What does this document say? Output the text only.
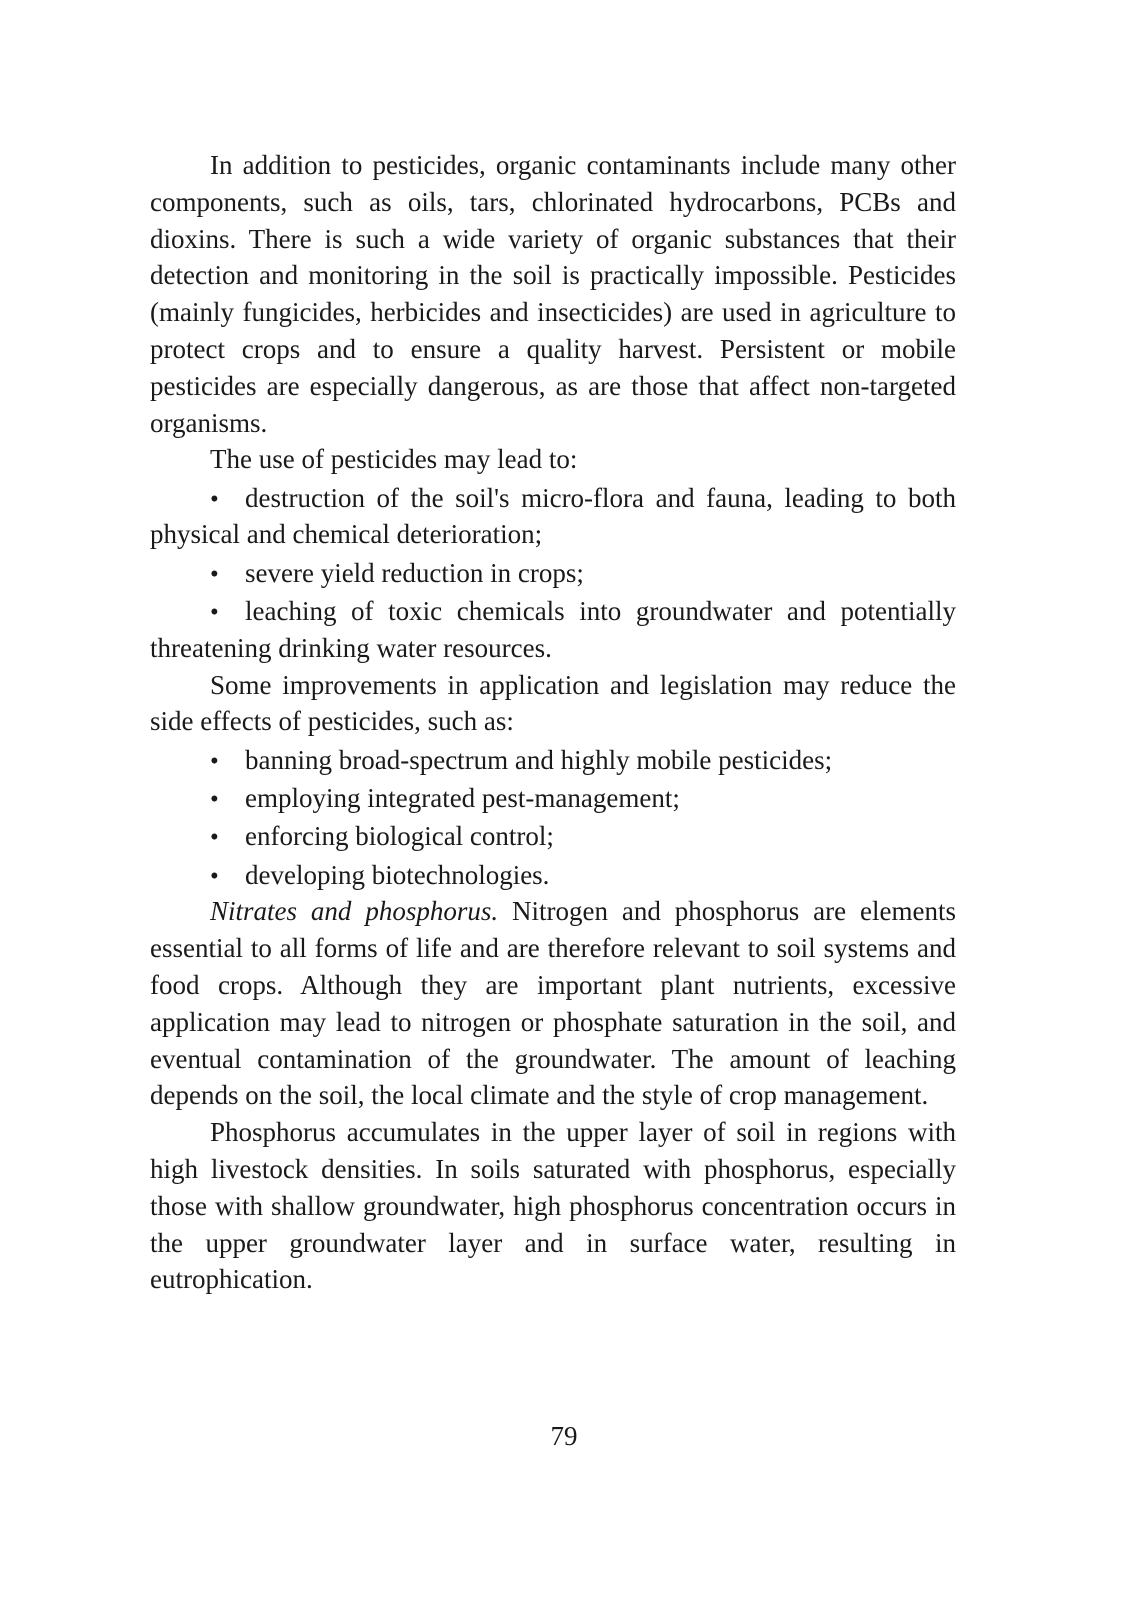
In addition to pesticides, organic contaminants include many other components, such as oils, tars, chlorinated hydrocarbons, PCBs and dioxins. There is such a wide variety of organic substances that their detection and monitoring in the soil is practically impossible. Pesticides (mainly fungicides, herbicides and insecticides) are used in agriculture to protect crops and to ensure a quality harvest. Persistent or mobile pesticides are especially dangerous, as are those that affect non-targeted organisms.

The use of pesticides may lead to:

•destruction of the soil's micro-flora and fauna, leading to both physical and chemical deterioration;

•severe yield reduction in crops;

•leaching of toxic chemicals into groundwater and potentially threatening drinking water resources.

Some improvements in application and legislation may reduce the side effects of pesticides, such as:

•banning broad-spectrum and highly mobile pesticides;

•employing integrated pest-management;

•enforcing biological control;

•developing biotechnologies.

Nitrates and phosphorus. Nitrogen and phosphorus are elements essential to all forms of life and are therefore relevant to soil systems and food crops. Although they are important plant nutrients, excessive application may lead to nitrogen or phosphate saturation in the soil, and eventual contamination of the groundwater. The amount of leaching depends on the soil, the local climate and the style of crop management.

Phosphorus accumulates in the upper layer of soil in regions with high livestock densities. In soils saturated with phosphorus, especially those with shallow groundwater, high phosphorus concentration occurs in the upper groundwater layer and in surface water, resulting in eutrophication.

79
